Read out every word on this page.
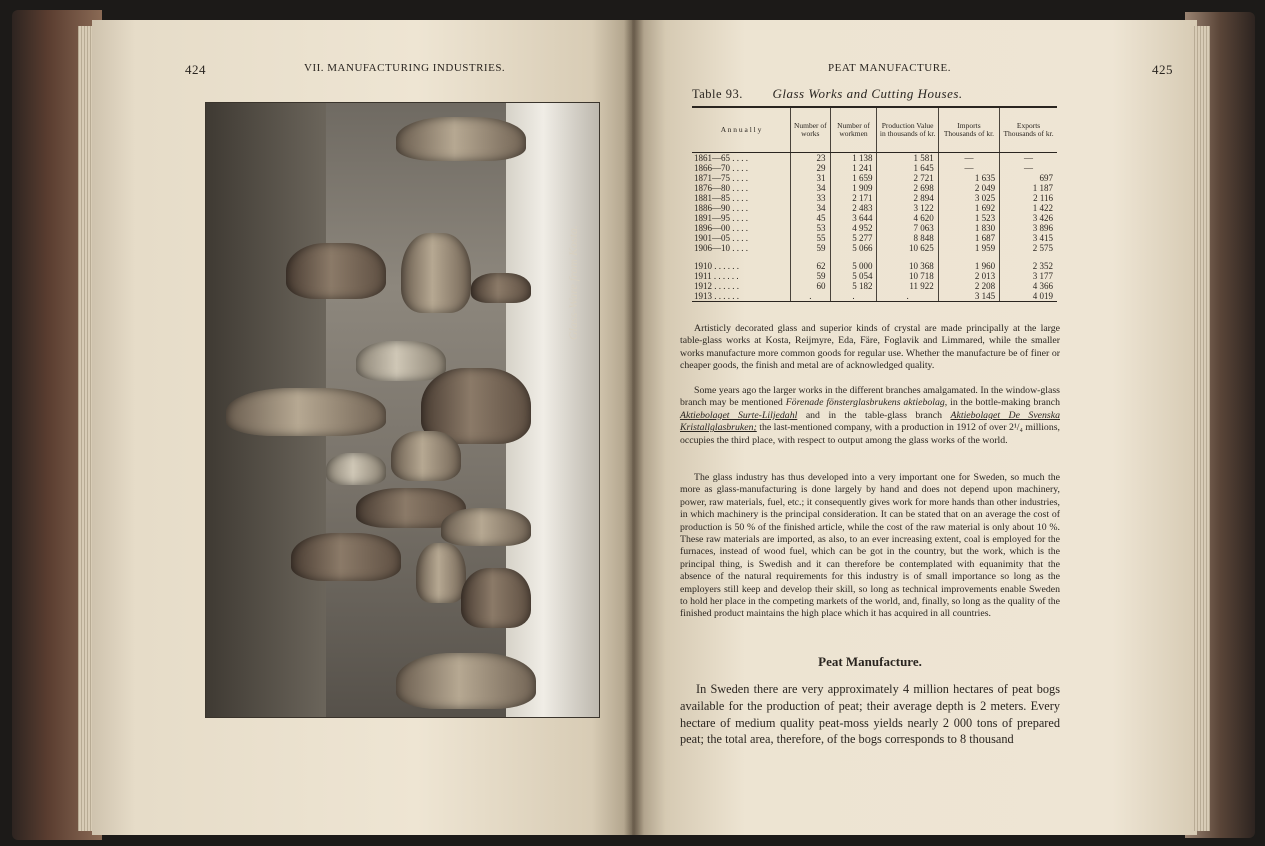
424	VII. MANUFACTURING INDUSTRIES.
Glass-Ware from Kosta.
PEAT MANUFACTURE.	425
Table 93. Glass Works and Cutting Houses.
A n n u a l l y	Number of works	Number of workmen	Production Value in thousands of kr.	Imports Thousands of kr.	Exports Thousands of kr.
1861—65 . . . .	23	1 138	1 581	—	—
1866—70 . . . .	29	1 241	1 645	—	—
1871—75 . . . .	31	1 659	2 721	1 635	697
1876—80 . . . .	34	1 909	2 698	2 049	1 187
1881—85 . . . .	33	2 171	2 894	3 025	2 116
1886—90 . . . .	34	2 483	3 122	1 692	1 422
1891—95 . . . .	45	3 644	4 620	1 523	3 426
1896—00 . . . .	53	4 952	7 063	1 830	3 896
1901—05 . . . .	55	5 277	8 848	1 687	3 415
1906—10 . . . .	59	5 066	10 625	1 959	2 575

1910 . . . . . .	62	5 000	10 368	1 960	2 352
1911 . . . . . .	59	5 054	10 718	2 013	3 177
1912 . . . . . .	60	5 182	11 922	2 208	4 366
1913 . . . . . .	.	.	.	3 145	4 019

Artisticly decorated glass and superior kinds of crystal are made principally at the large table-glass works at Kosta, Reijmyre, Eda, Färe, Foglavik and Limmared, while the smaller works manufacture more common goods for regular use. Whether the manufacture be of finer or cheaper goods, the finish and metal are of acknowledged quality.

Some years ago the larger works in the different branches amalgamated. In the window-glass branch may be mentioned Förenade fönsterglasbrukens aktiebolag, in the bottle-making branch Aktiebolaget Surte-Liljedahl and in the table-glass branch Aktiebolaget De Svenska Kristallglasbruken; the last-mentioned company, with a production in 1912 of over 2¹/₄ millions, occupies the third place, with respect to output among the glass works of the world.

The glass industry has thus developed into a very important one for Sweden, so much the more as glass-manufacturing is done largely by hand and does not depend upon machinery, power, raw materials, fuel, etc.; it consequently gives work for more hands than other industries, in which machinery is the principal consideration. It can be stated that on an average the cost of production is 50 % of the finished article, while the cost of the raw material is only about 10 %. These raw materials are imported, as also, to an ever increasing extent, coal is employed for the furnaces, instead of wood fuel, which can be got in the country, but the work, which is the principal thing, is Swedish and it can therefore be contemplated with equanimity that the absence of the natural requirements for this industry is of small importance so long as the employers still keep and develop their skill, so long as technical improvements enable Sweden to hold her place in the competing markets of the world, and, finally, so long as the quality of the finished product maintains the high place which it has acquired in all countries.

Peat Manufacture.

In Sweden there are very approximately 4 million hectares of peat bogs available for the production of peat; their average depth is 2 meters. Every hectare of medium quality peat-moss yields nearly 2 000 tons of prepared peat; the total area, therefore, of the bogs corresponds to 8 thousand
